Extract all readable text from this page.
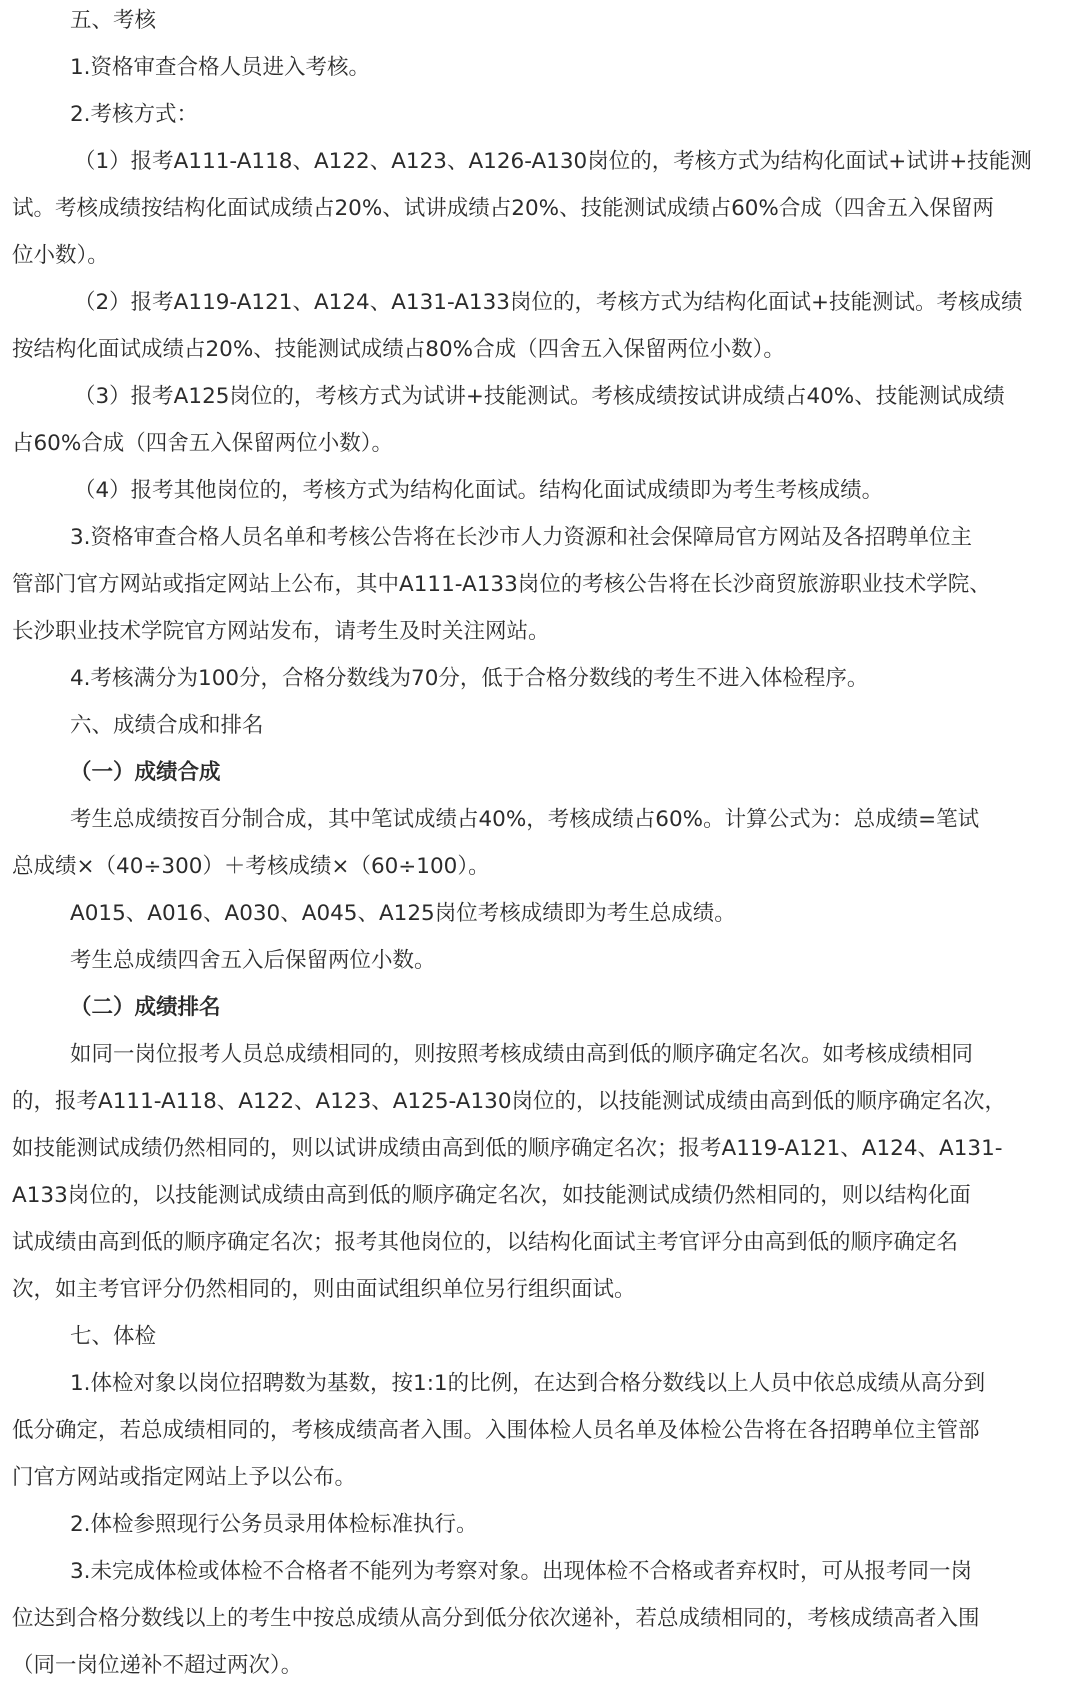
五、考核
1.资格审查合格人员进入考核。
2.考核方式：
（1）报考A111-A118、A122、A123、A126-A130岗位的，考核方式为结构化面试+试讲+技能测
试。考核成绩按结构化面试成绩占20%、试讲成绩占20%、技能测试成绩占60%合成（四舍五入保留两
位小数）。
（2）报考A119-A121、A124、A131-A133岗位的，考核方式为结构化面试+技能测试。考核成绩
按结构化面试成绩占20%、技能测试成绩占80%合成（四舍五入保留两位小数）。
（3）报考A125岗位的，考核方式为试讲+技能测试。考核成绩按试讲成绩占40%、技能测试成绩
占60%合成（四舍五入保留两位小数）。
（4）报考其他岗位的，考核方式为结构化面试。结构化面试成绩即为考生考核成绩。
3.资格审查合格人员名单和考核公告将在长沙市人力资源和社会保障局官方网站及各招聘单位主
管部门官方网站或指定网站上公布，其中A111-A133岗位的考核公告将在长沙商贸旅游职业技术学院、
长沙职业技术学院官方网站发布，请考生及时关注网站。
4.考核满分为100分，合格分数线为70分，低于合格分数线的考生不进入体检程序。
六、成绩合成和排名
（一）成绩合成
考生总成绩按百分制合成，其中笔试成绩占40%，考核成绩占60%。计算公式为：总成绩=笔试
总成绩×（40÷300）＋考核成绩×（60÷100）。
A015、A016、A030、A045、A125岗位考核成绩即为考生总成绩。
考生总成绩四舍五入后保留两位小数。
（二）成绩排名
如同一岗位报考人员总成绩相同的，则按照考核成绩由高到低的顺序确定名次。如考核成绩相同
的，报考A111-A118、A122、A123、A125-A130岗位的，以技能测试成绩由高到低的顺序确定名次，
如技能测试成绩仍然相同的，则以试讲成绩由高到低的顺序确定名次；报考A119-A121、A124、A131-
A133岗位的，以技能测试成绩由高到低的顺序确定名次，如技能测试成绩仍然相同的，则以结构化面
试成绩由高到低的顺序确定名次；报考其他岗位的，以结构化面试主考官评分由高到低的顺序确定名
次，如主考官评分仍然相同的，则由面试组织单位另行组织面试。
七、体检
1.体检对象以岗位招聘数为基数，按1:1的比例，在达到合格分数线以上人员中依总成绩从高分到
低分确定，若总成绩相同的，考核成绩高者入围。入围体检人员名单及体检公告将在各招聘单位主管部
门官方网站或指定网站上予以公布。
2.体检参照现行公务员录用体检标准执行。
3.未完成体检或体检不合格者不能列为考察对象。出现体检不合格或者弃权时，可从报考同一岗
位达到合格分数线以上的考生中按总成绩从高分到低分依次递补，若总成绩相同的，考核成绩高者入围
（同一岗位递补不超过两次）。
